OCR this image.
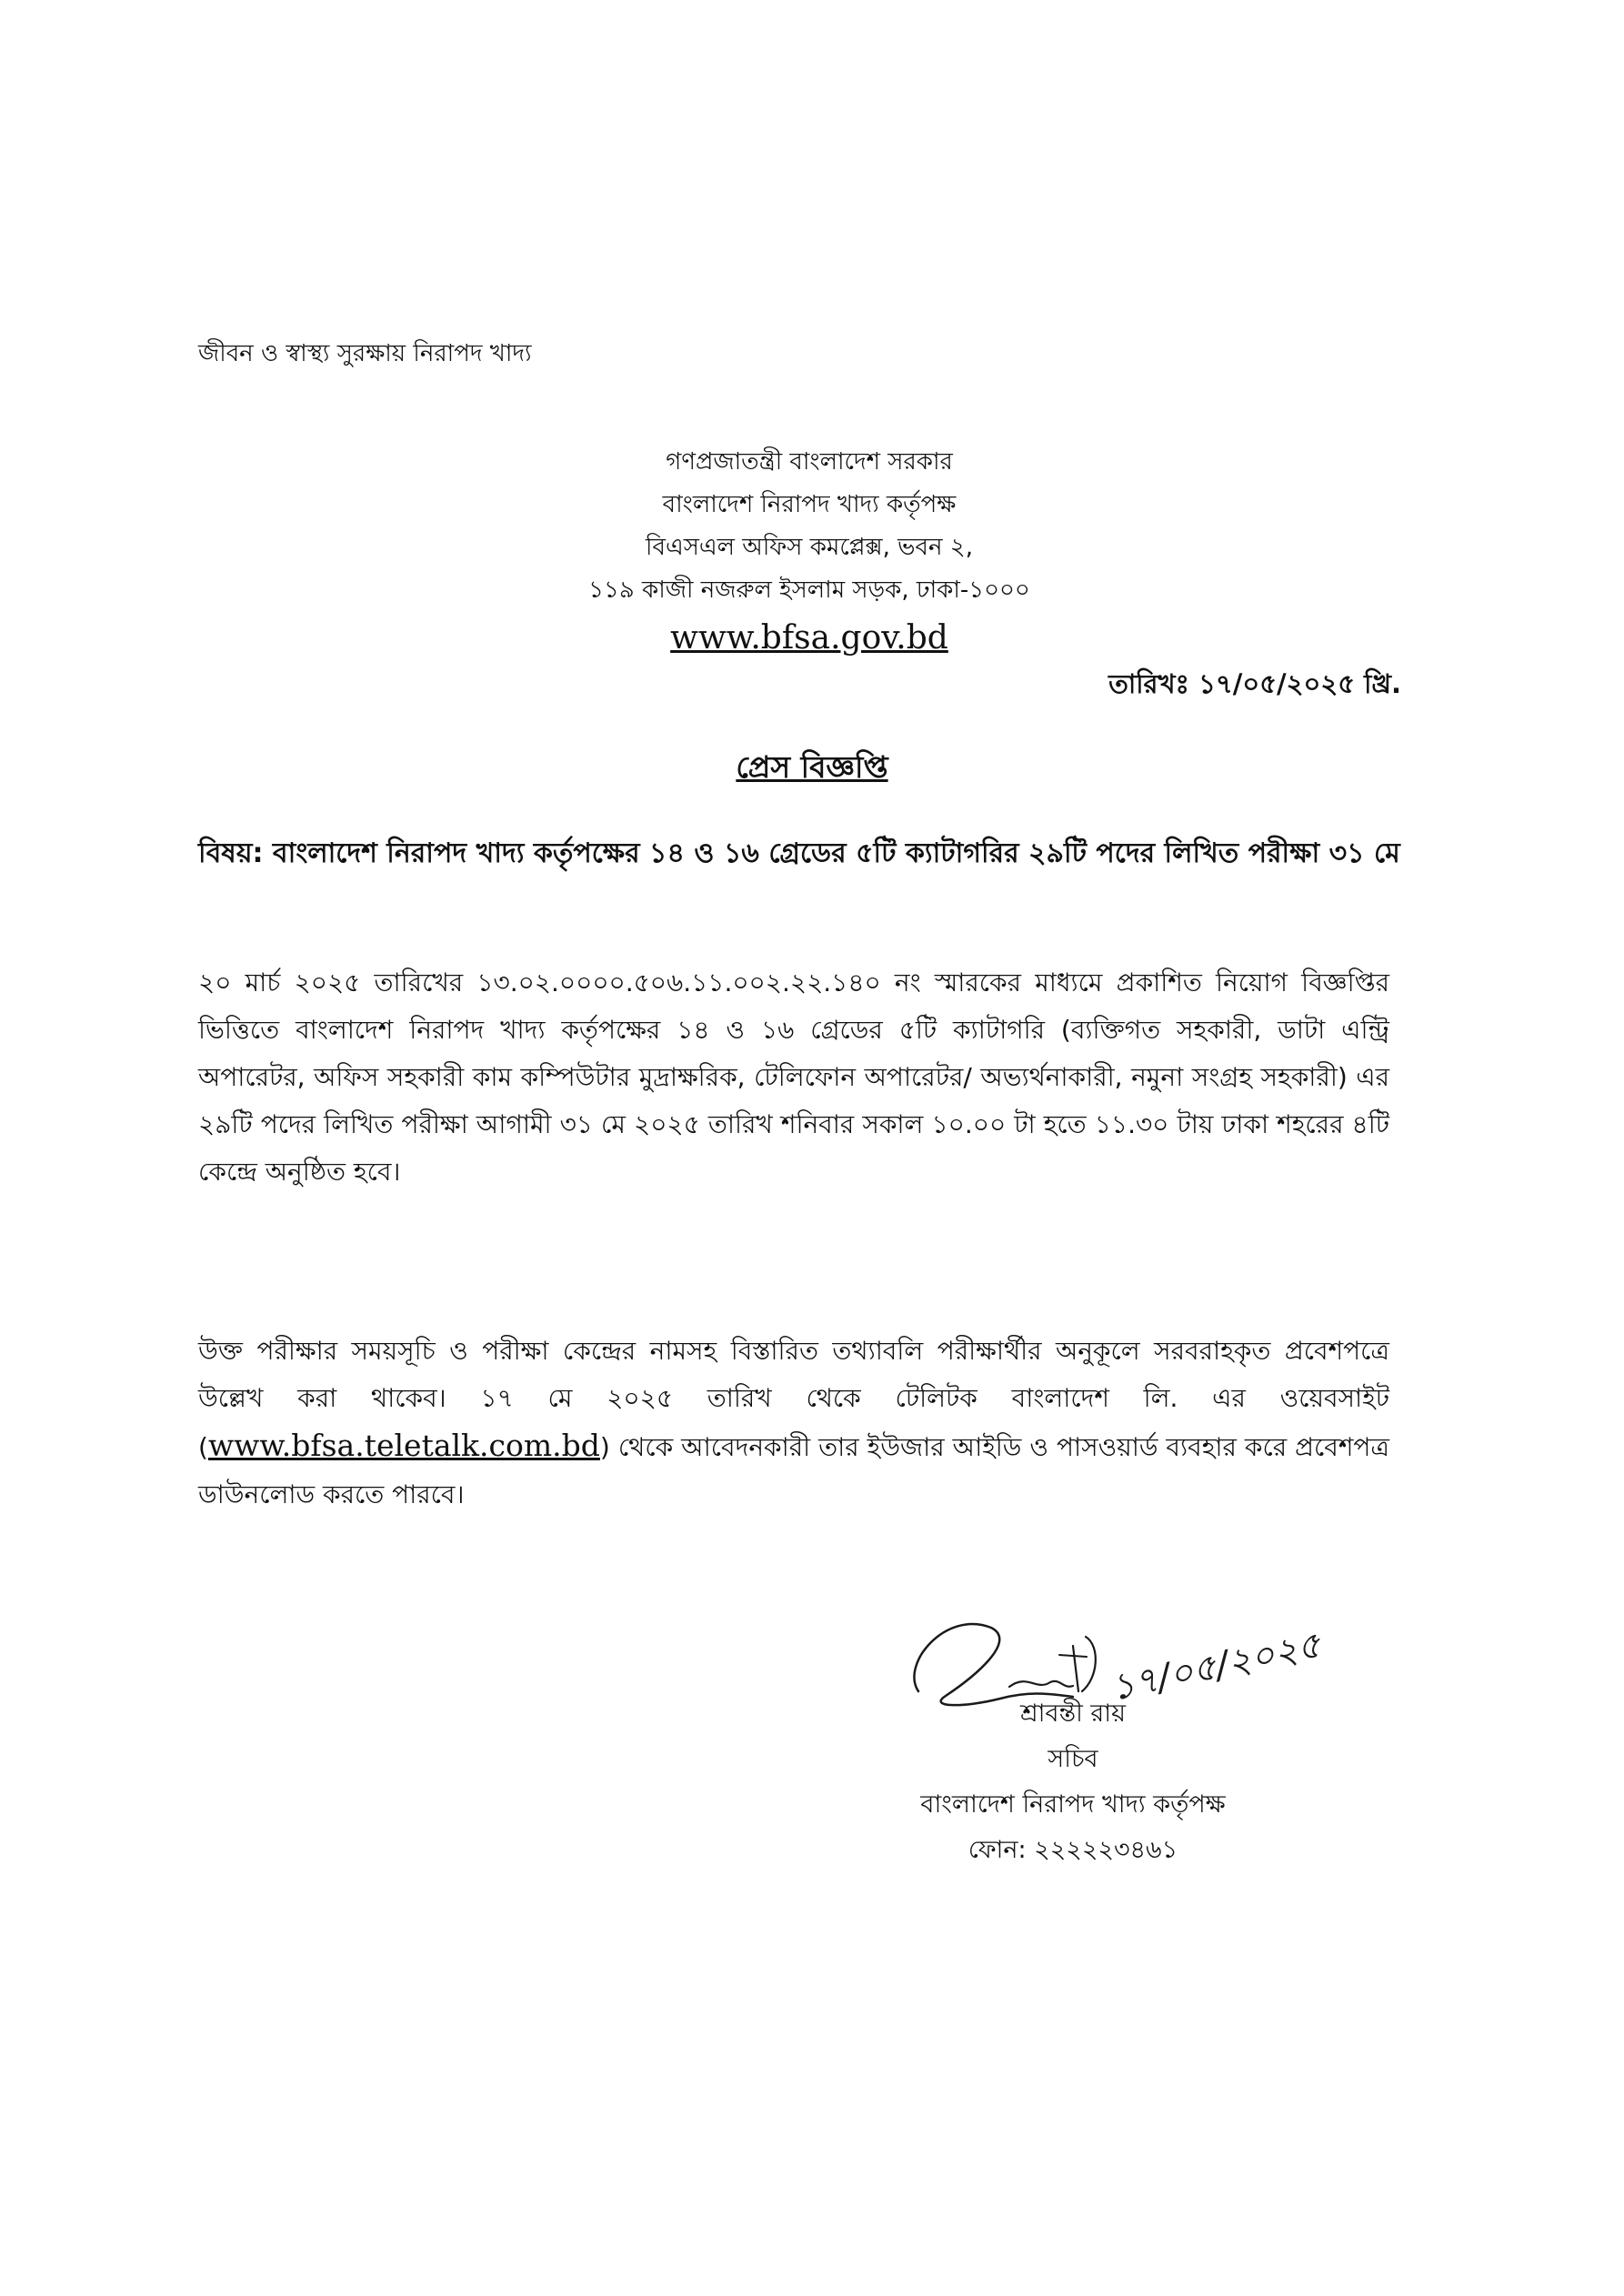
জীবন ও স্বাস্থ্য সুরক্ষায় নিরাপদ খাদ্য
গণপ্রজাতন্ত্রী বাংলাদেশ সরকার
বাংলাদেশ নিরাপদ খাদ্য কর্তৃপক্ষ
বিএসএল অফিস কমপ্লেক্স, ভবন ২,
১১৯ কাজী নজরুল ইসলাম সড়ক, ঢাকা-১০০০
www.bfsa.gov.bd
তারিখঃ ১৭/০৫/২০২৫ খ্রি.
প্রেস বিজ্ঞপ্তি
বিষয়: বাংলাদেশ নিরাপদ খাদ্য কর্তৃপক্ষের ১৪ ও ১৬ গ্রেডের ৫টি ক্যাটাগরির ২৯টি পদের লিখিত পরীক্ষা ৩১ মে
২০ মার্চ ২০২৫ তারিখের ১৩.০২.০০০০.৫০৬.১১.০০২.২২.১৪০ নং স্মারকের মাধ্যমে প্রকাশিত নিয়োগ বিজ্ঞপ্তির ভিত্তিতে বাংলাদেশ নিরাপদ খাদ্য কর্তৃপক্ষের ১৪ ও ১৬ গ্রেডের ৫টি ক্যাটাগরি (ব্যক্তিগত সহকারী, ডাটা এন্ট্রি অপারেটর, অফিস সহকারী কাম কম্পিউটার মুদ্রাক্ষরিক, টেলিফোন অপারেটর/ অভ্যর্থনাকারী, নমুনা সংগ্রহ সহকারী) এর ২৯টি পদের লিখিত পরীক্ষা আগামী ৩১ মে ২০২৫ তারিখ শনিবার সকাল ১০.০০ টা হতে ১১.৩০ টায় ঢাকা শহরের ৪টি কেন্দ্রে অনুষ্ঠিত হবে।
উক্ত পরীক্ষার সময়সূচি ও পরীক্ষা কেন্দ্রের নামসহ বিস্তারিত তথ্যাবলি পরীক্ষার্থীর অনুকূলে সরবরাহকৃত প্রবেশপত্রে উল্লেখ করা থাকেব। ১৭ মে ২০২৫ তারিখ থেকে টেলিটক বাংলাদেশ লি. এর ওয়েবসাইট (www.bfsa.teletalk.com.bd) থেকে আবেদনকারী তার ইউজার আইডি ও পাসওয়ার্ড ব্যবহার করে প্রবেশপত্র ডাউনলোড করতে পারবে।
১৭/০৫/২০২৫
শ্রাবন্তী রায়
সচিব
বাংলাদেশ নিরাপদ খাদ্য কর্তৃপক্ষ
ফোন: ২২২২২৩৪৬১
